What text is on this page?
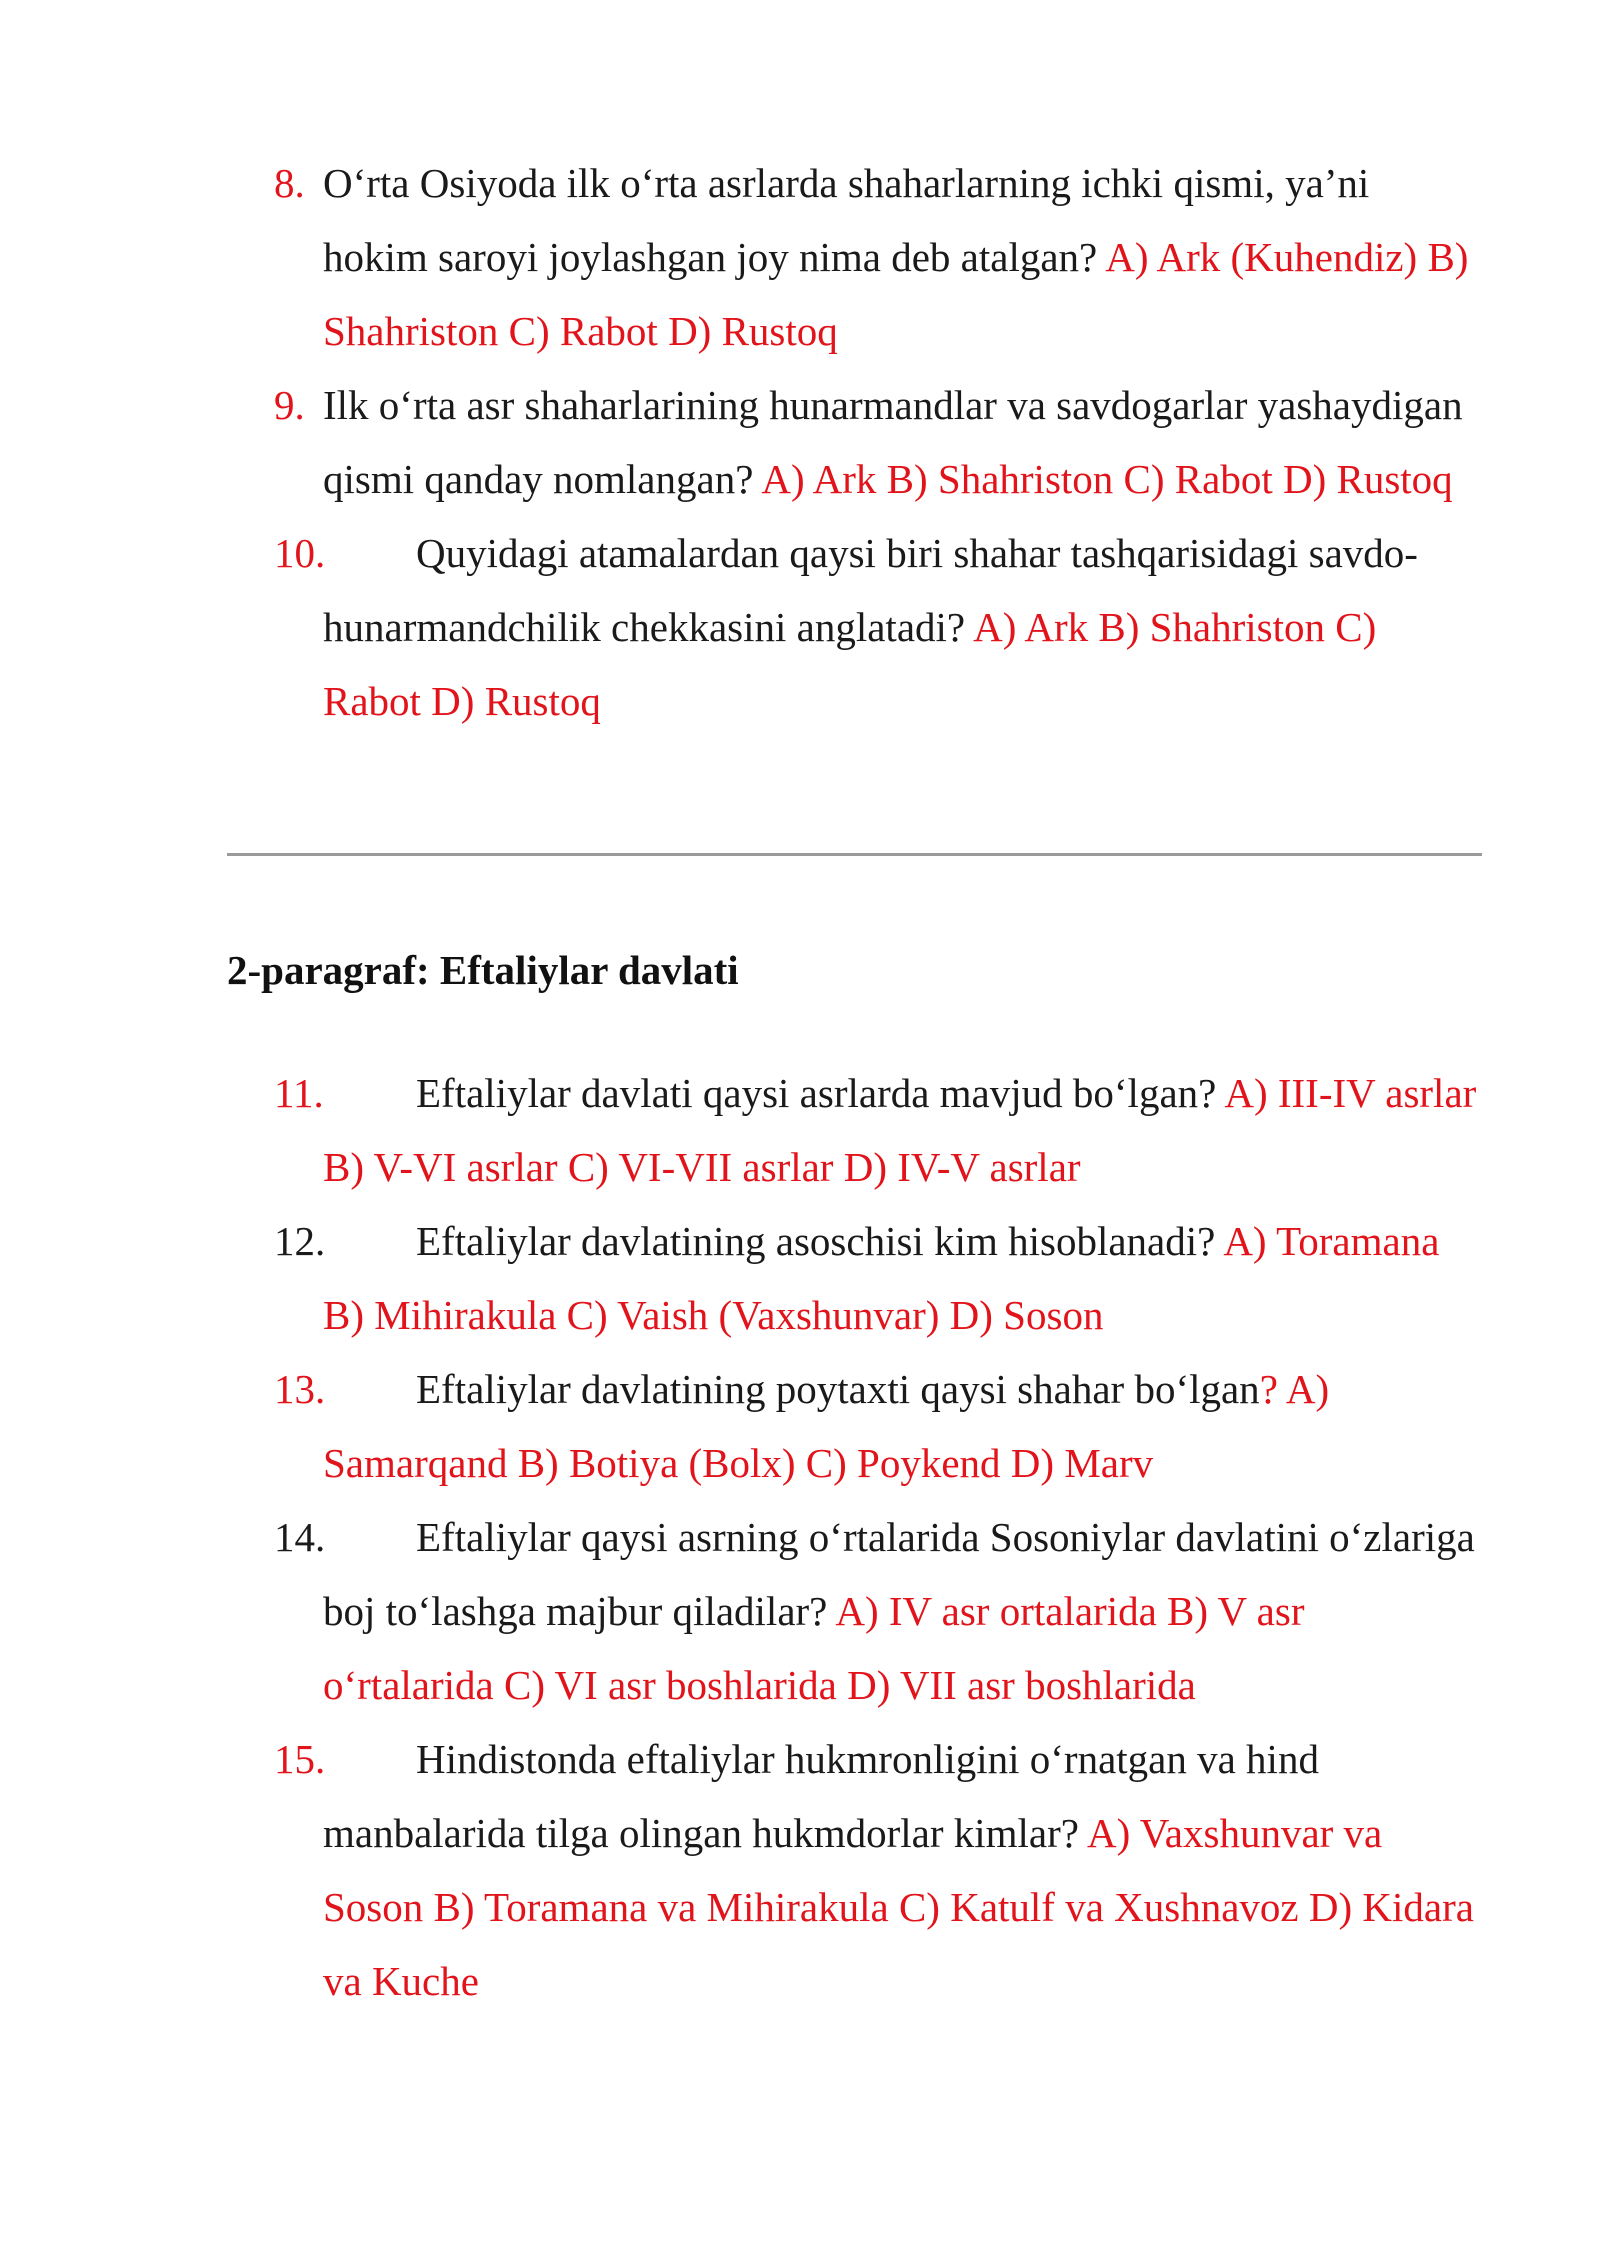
8. O‘rta Osiyoda ilk o‘rta asrlarda shaharlarning ichki qismi, ya’ni hokim saroyi joylashgan joy nima deb atalgan? A) Ark (Kuhendiz) B) Shahriston C) Rabot D) Rustoq
9. Ilk o‘rta asr shaharlarining hunarmandlar va savdogarlar yashaydigan qismi qanday nomlangan? A) Ark B) Shahriston C) Rabot D) Rustoq
10.	Quyidagi atamalardan qaysi biri shahar tashqarisidagi savdo-hunarmandchilik chekkasini anglatadi? A) Ark B) Shahriston C) Rabot D) Rustoq
2-paragraf: Eftaliylar davlati
11.	Eftaliylar davlati qaysi asrlarda mavjud bo‘lgan? A) III-IV asrlar B) V-VI asrlar C) VI-VII asrlar D) IV-V asrlar
12.	Eftaliylar davlatining asoschisi kim hisoblanadi? A) Toramana B) Mihirakula C) Vaish (Vaxshunvar) D) Soson
13.	Eftaliylar davlatining poytaxti qaysi shahar bo‘lgan? A) Samarqand B) Botiya (Bolx) C) Poykend D) Marv
14.	Eftaliylar qaysi asrning o‘rtalarida Sosoniylar davlatini o‘zlariga boj to‘lashga majbur qiladilar? A) IV asr ortalarida B) V asr o‘rtalarida C) VI asr boshlarida D) VII asr boshlarida
15.	Hindistonda eftaliylar hukmronligini o‘rnatgan va hind manbalarida tilga olingan hukmdorlar kimlar? A) Vaxshunvar va Soson B) Toramana va Mihirakula C) Katulf va Xushnavoz D) Kidara va Kuche
